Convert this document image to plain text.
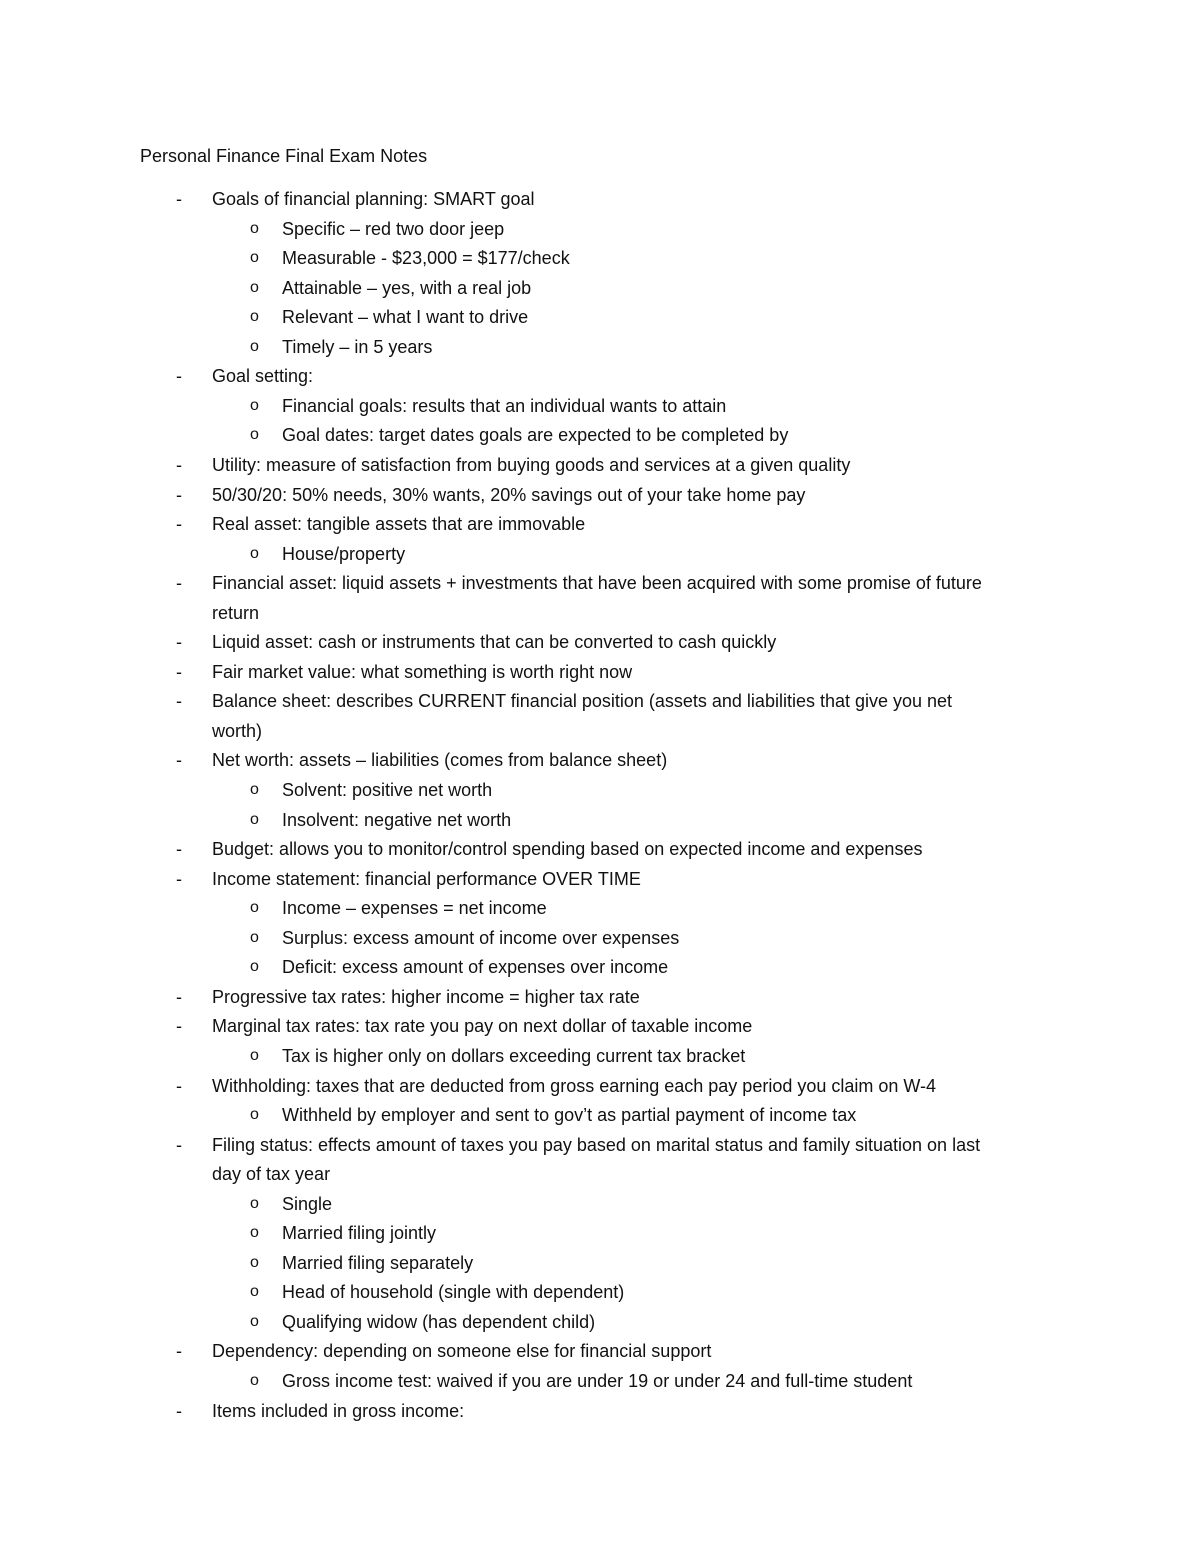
Personal Finance Final Exam Notes
- Goals of financial planning: SMART goal
o Specific – red two door jeep
o Measurable - $23,000 = $177/check
o Attainable – yes, with a real job
o Relevant – what I want to drive
o Timely – in 5 years
- Goal setting:
o Financial goals: results that an individual wants to attain
o Goal dates: target dates goals are expected to be completed by
- Utility: measure of satisfaction from buying goods and services at a given quality
- 50/30/20: 50% needs, 30% wants, 20% savings out of your take home pay
- Real asset: tangible assets that are immovable
o House/property
- Financial asset: liquid assets + investments that have been acquired with some promise of future
return
- Liquid asset: cash or instruments that can be converted to cash quickly
- Fair market value: what something is worth right now
- Balance sheet: describes CURRENT financial position (assets and liabilities that give you net
worth)
- Net worth: assets – liabilities (comes from balance sheet)
o Solvent: positive net worth
o Insolvent: negative net worth
- Budget: allows you to monitor/control spending based on expected income and expenses
- Income statement: financial performance OVER TIME
o Income – expenses = net income
o Surplus: excess amount of income over expenses
o Deficit: excess amount of expenses over income
- Progressive tax rates: higher income = higher tax rate
- Marginal tax rates: tax rate you pay on next dollar of taxable income
o Tax is higher only on dollars exceeding current tax bracket
- Withholding: taxes that are deducted from gross earning each pay period you claim on W-4
o Withheld by employer and sent to gov’t as partial payment of income tax
- Filing status: effects amount of taxes you pay based on marital status and family situation on last
day of tax year
o Single
o Married filing jointly
o Married filing separately
o Head of household (single with dependent)
o Qualifying widow (has dependent child)
- Dependency: depending on someone else for financial support
o Gross income test: waived if you are under 19 or under 24 and full-time student
- Items included in gross income:
